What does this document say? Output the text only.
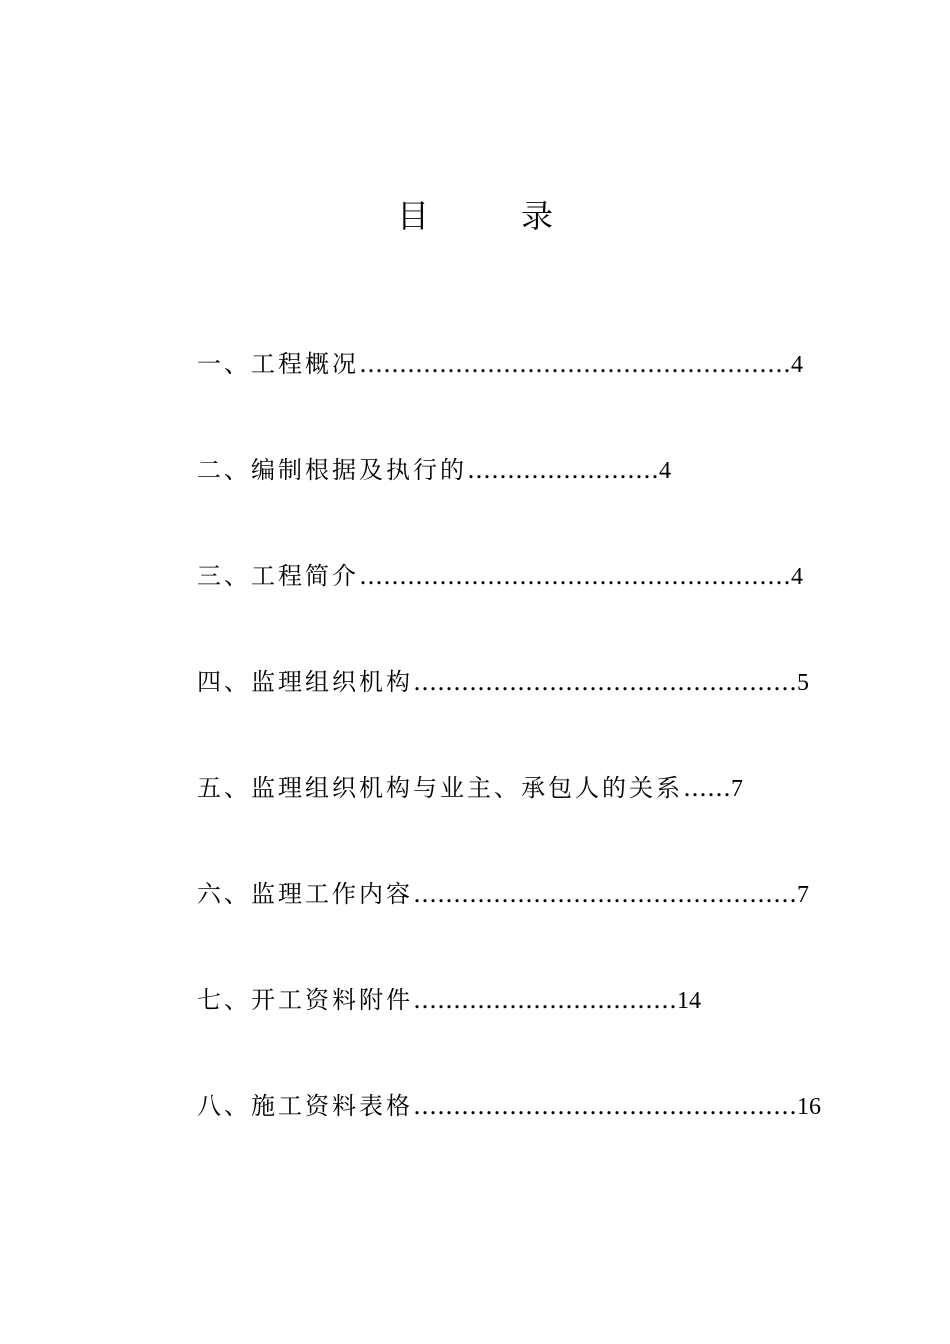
目	录
一、工程概况………………………………………………4
二、编制根据及执行的……………………4
三、工程简介………………………………………………4
四、监理组织机构…………………………………………5
五、监理组织机构与业主、承包人的关系……7
六、监理工作内容…………………………………………7
七、开工资料附件……………………………14
八、施工资料表格…………………………………………16
